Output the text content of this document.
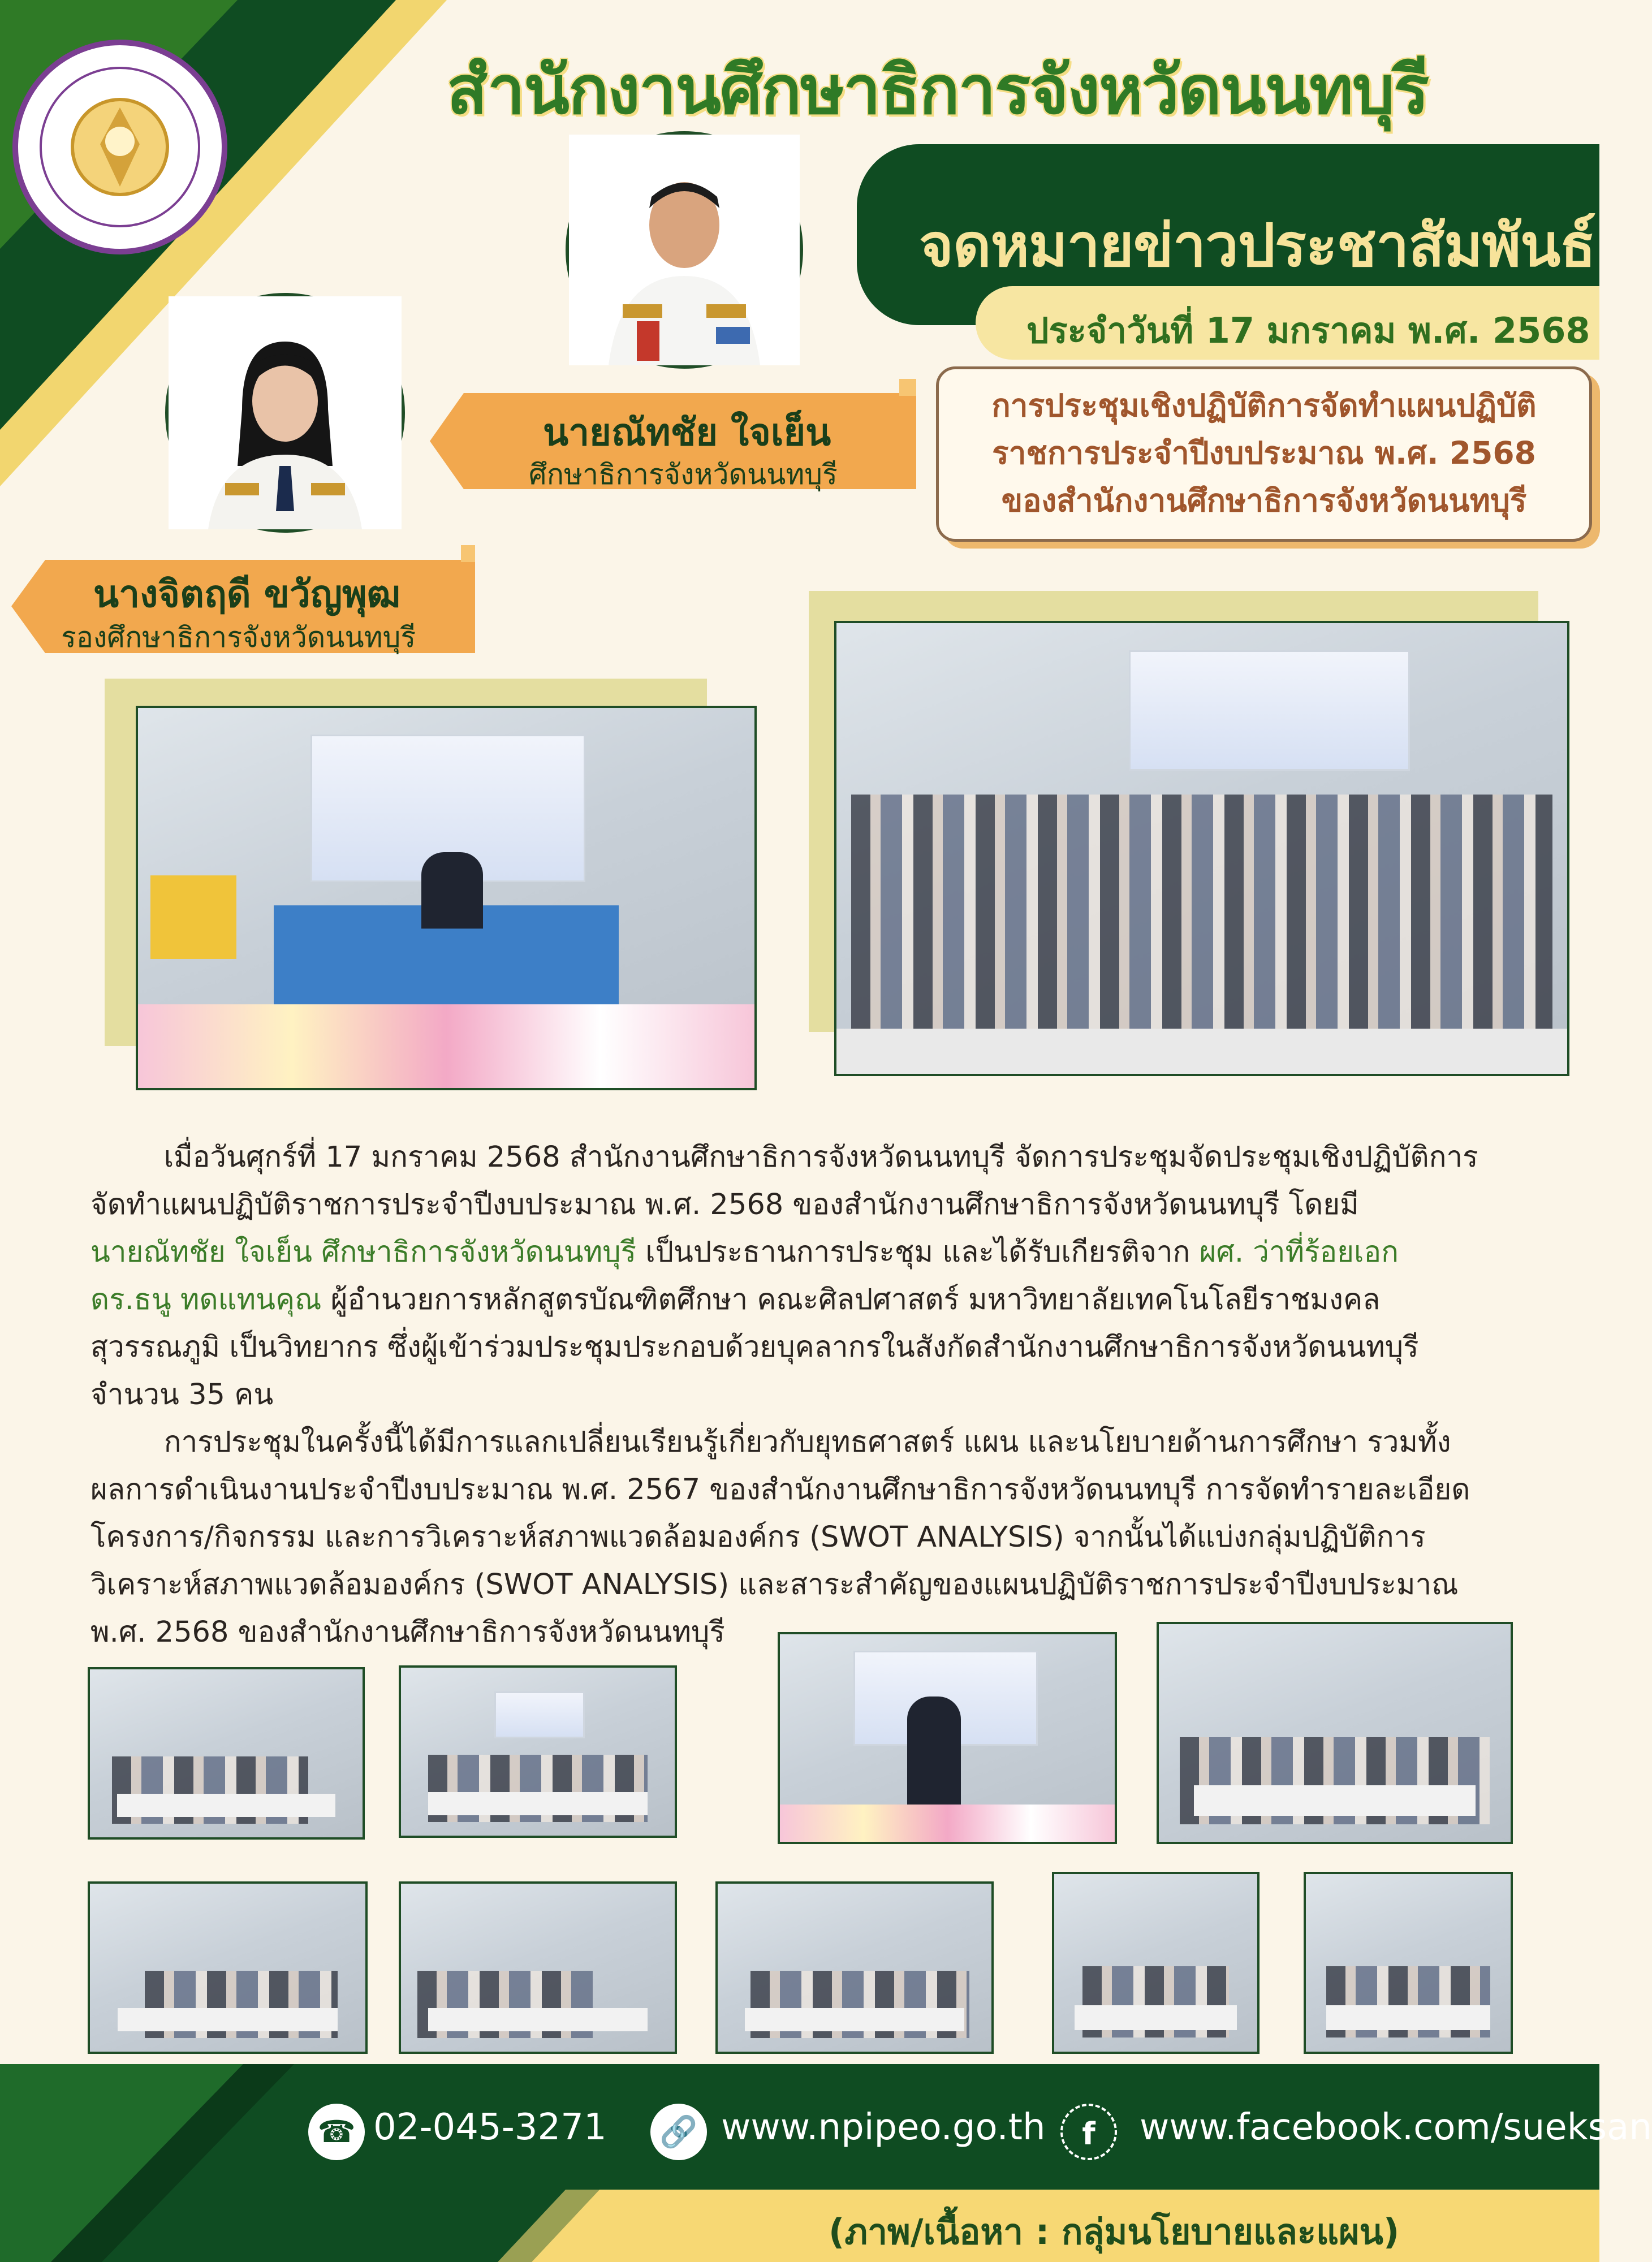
สำนักงานศึกษาธิการจังหวัดนนทบุรี
จดหมายข่าวประชาสัมพันธ์
ประจำวันที่ 17 มกราคม พ.ศ. 2568
การประชุมเชิงปฏิบัติการจัดทำแผนปฏิบัติ
ราชการประจำปีงบประมาณ พ.ศ. 2568
ของสำนักงานศึกษาธิการจังหวัดนนทบุรี
นายณัทชัย ใจเย็น
ศึกษาธิการจังหวัดนนทบุรี
นางจิตฤดี ขวัญพุฒ
รองศึกษาธิการจังหวัดนนทบุรี
เมื่อวันศุกร์ที่ 17 มกราคม 2568 สำนักงานศึกษาธิการจังหวัดนนทบุรี จัดการประชุมจัดประชุมเชิงปฏิบัติการ
จัดทำแผนปฏิบัติราชการประจำปีงบประมาณ พ.ศ. 2568 ของสำนักงานศึกษาธิการจังหวัดนนทบุรี โดยมี
นายณัทชัย ใจเย็น ศึกษาธิการจังหวัดนนทบุรี เป็นประธานการประชุม และได้รับเกียรติจาก ผศ. ว่าที่ร้อยเอก
ดร.ธนู ทดแทนคุณ ผู้อำนวยการหลักสูตรบัณฑิตศึกษา คณะศิลปศาสตร์ มหาวิทยาลัยเทคโนโลยีราชมงคล
สุวรรณภูมิ เป็นวิทยากร ซึ่งผู้เข้าร่วมประชุมประกอบด้วยบุคลากรในสังกัดสำนักงานศึกษาธิการจังหวัดนนทบุรี
จำนวน 35 คน
การประชุมในครั้งนี้ได้มีการแลกเปลี่ยนเรียนรู้เกี่ยวกับยุทธศาสตร์ แผน และนโยบายด้านการศึกษา รวมทั้ง
ผลการดำเนินงานประจำปีงบประมาณ พ.ศ. 2567 ของสำนักงานศึกษาธิการจังหวัดนนทบุรี การจัดทำรายละเอียด
โครงการ/กิจกรรม และการวิเคราะห์สภาพแวดล้อมองค์กร (SWOT ANALYSIS) จากนั้นได้แบ่งกลุ่มปฏิบัติการ
วิเคราะห์สภาพแวดล้อมองค์กร (SWOT ANALYSIS) และสาระสำคัญของแผนปฏิบัติราชการประจำปีงบประมาณ
พ.ศ. 2568 ของสำนักงานศึกษาธิการจังหวัดนนทบุรี
☎ 02-045-3271	🔗 www.npipeo.go.th	f	www.facebook.com/sueksan
(ภาพ/เนื้อหา : กลุ่มนโยบายและแผน)
